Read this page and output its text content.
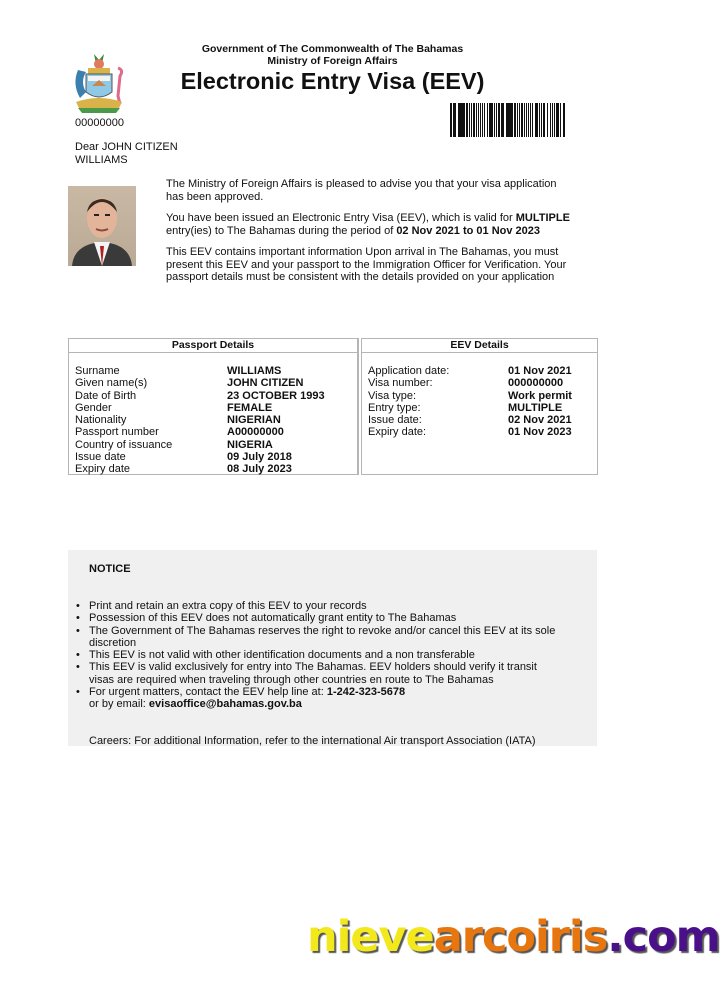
Government of The Commonwealth of The Bahamas
Ministry of Foreign Affairs
Electronic Entry Visa (EEV)
00000000
Dear JOHN CITIZEN
WILLIAMS

The Ministry of Foreign Affairs is pleased to advise you that your visa application has been approved.

You have been issued an Electronic Entry Visa (EEV), which is valid for MULTIPLE entry(ies) to The Bahamas during the period of 02 Nov 2021 to 01 Nov 2023

This EEV contains important information Upon arrival in The Bahamas, you must present this EEV and your passport to the Immigration Officer for Verification. Your passport details must be consistent with the details provided on your application

Passport Details
Surname	WILLIAMS
Given name(s)	JOHN CITIZEN
Date of Birth	23 OCTOBER 1993
Gender	FEMALE
Nationality	NIGERIAN
Passport number	A00000000
Country of issuance	NIGERIA
Issue date	09 July 2018
Expiry date	08 July 2023
EEV Details
Application date:	01 Nov 2021
Visa number:	000000000
Visa type:	Work permit
Entry type:	MULTIPLE
Issue date:	02 Nov 2021
Expiry date:	01 Nov 2023
NOTICE
• Print and retain an extra copy of this EEV to your records
• Possession of this EEV does not automatically grant entity to The Bahamas
• The Government of The Bahamas reserves the right to revoke and/or cancel this EEV at its sole discretion
• This EEV is not valid with other identification documents and a non transferable
• This EEV is valid exclusively for entry into The Bahamas. EEV holders should verify it transit visas are required when traveling through other countries en route to The Bahamas
• For urgent matters, contact the EEV help line at: 1-242-323-5678
or by email: evisaoffice@bahamas.gov.ba
Careers: For additional Information, refer to the international Air transport Association (IATA)
nievearcoiris.com
